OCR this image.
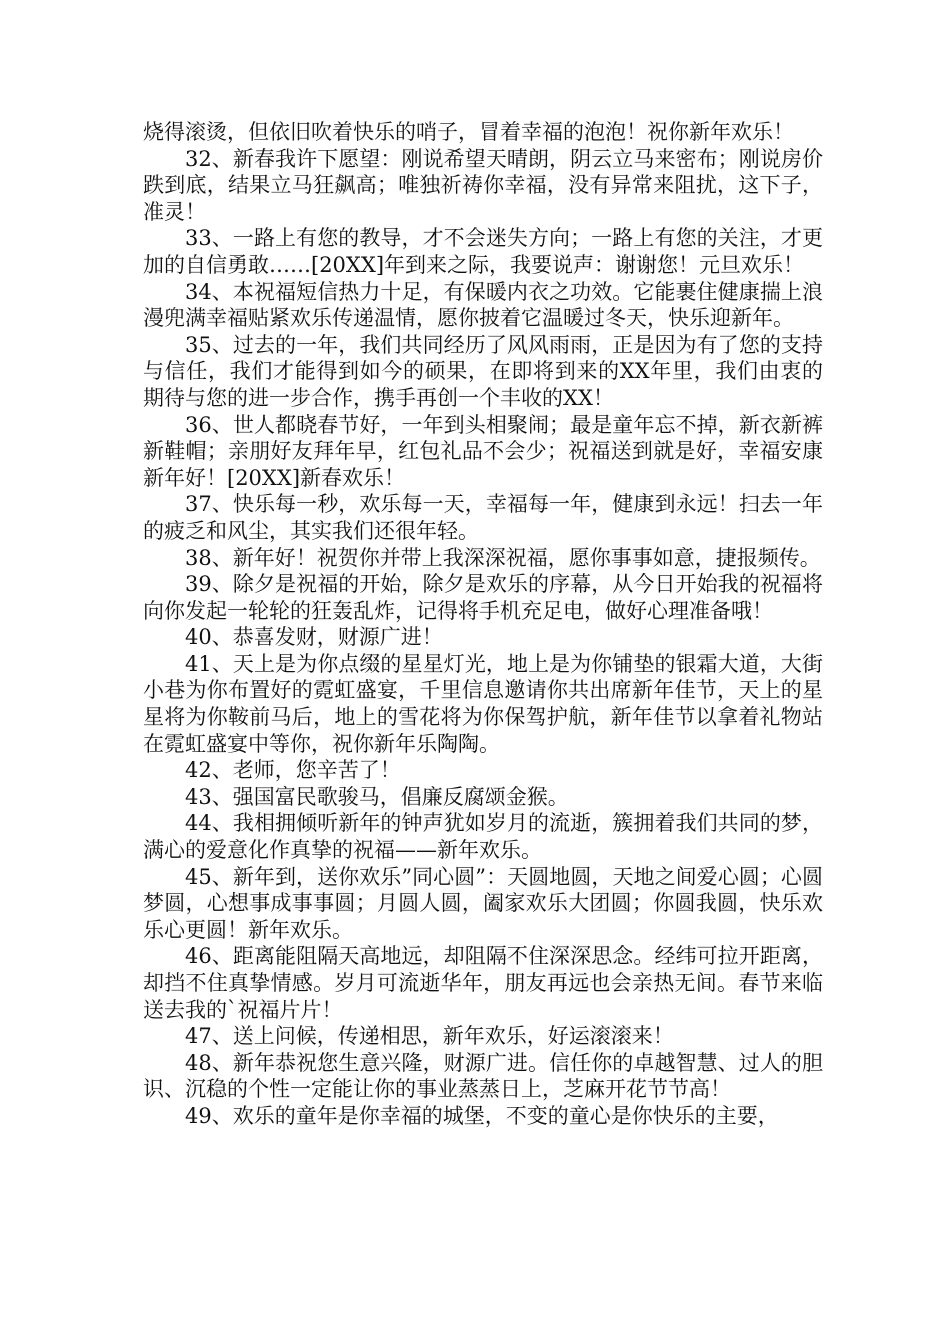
烧得滚烫，但依旧吹着快乐的哨子，冒着幸福的泡泡！祝你新年欢乐！

32、新春我许下愿望：刚说希望天晴朗，阴云立马来密布；刚说房价跌到底，结果立马狂飙高；唯独祈祷你幸福，没有异常来阻扰，这下子，准灵！

33、一路上有您的教导，才不会迷失方向；一路上有您的关注，才更加的自信勇敢……[20XX]年到来之际，我要说声：谢谢您！元旦欢乐！

34、本祝福短信热力十足，有保暖内衣之功效。它能裹住健康揣上浪漫兜满幸福贴紧欢乐传递温情，愿你披着它温暖过冬天，快乐迎新年。

35、过去的一年，我们共同经历了风风雨雨，正是因为有了您的支持与信任，我们才能得到如今的硕果，在即将到来的XX年里，我们由衷的期待与您的进一步合作，携手再创一个丰收的XX！

36、世人都晓春节好，一年到头相聚闹；最是童年忘不掉，新衣新裤新鞋帽；亲朋好友拜年早，红包礼品不会少；祝福送到就是好，幸福安康新年好！[20XX]新春欢乐！

37、快乐每一秒，欢乐每一天，幸福每一年，健康到永远！扫去一年的疲乏和风尘，其实我们还很年轻。

38、新年好！祝贺你并带上我深深祝福，愿你事事如意，捷报频传。

39、除夕是祝福的开始，除夕是欢乐的序幕，从今日开始我的祝福将向你发起一轮轮的狂轰乱炸，记得将手机充足电，做好心理准备哦！

40、恭喜发财，财源广进！

41、天上是为你点缀的星星灯光，地上是为你铺垫的银霜大道，大街小巷为你布置好的霓虹盛宴，千里信息邀请你共出席新年佳节，天上的星星将为你鞍前马后，地上的雪花将为你保驾护航，新年佳节以拿着礼物站在霓虹盛宴中等你，祝你新年乐陶陶。

42、老师，您辛苦了！

43、强国富民歌骏马，倡廉反腐颂金猴。

44、我相拥倾听新年的钟声犹如岁月的流逝，簇拥着我们共同的梦，满心的爱意化作真挚的祝福——新年欢乐。

45、新年到，送你欢乐”同心圆”：天圆地圆，天地之间爱心圆；心圆梦圆，心想事成事事圆；月圆人圆，阖家欢乐大团圆；你圆我圆，快乐欢乐心更圆！新年欢乐。

46、距离能阻隔天高地远，却阻隔不住深深思念。经纬可拉开距离，却挡不住真挚情感。岁月可流逝华年，朋友再远也会亲热无间。春节来临送去我的`祝福片片！

47、送上问候，传递相思，新年欢乐，好运滚滚来！

48、新年恭祝您生意兴隆，财源广进。信任你的卓越智慧、过人的胆识、沉稳的个性一定能让你的事业蒸蒸日上，芝麻开花节节高！

49、欢乐的童年是你幸福的城堡，不变的童心是你快乐的主要，
